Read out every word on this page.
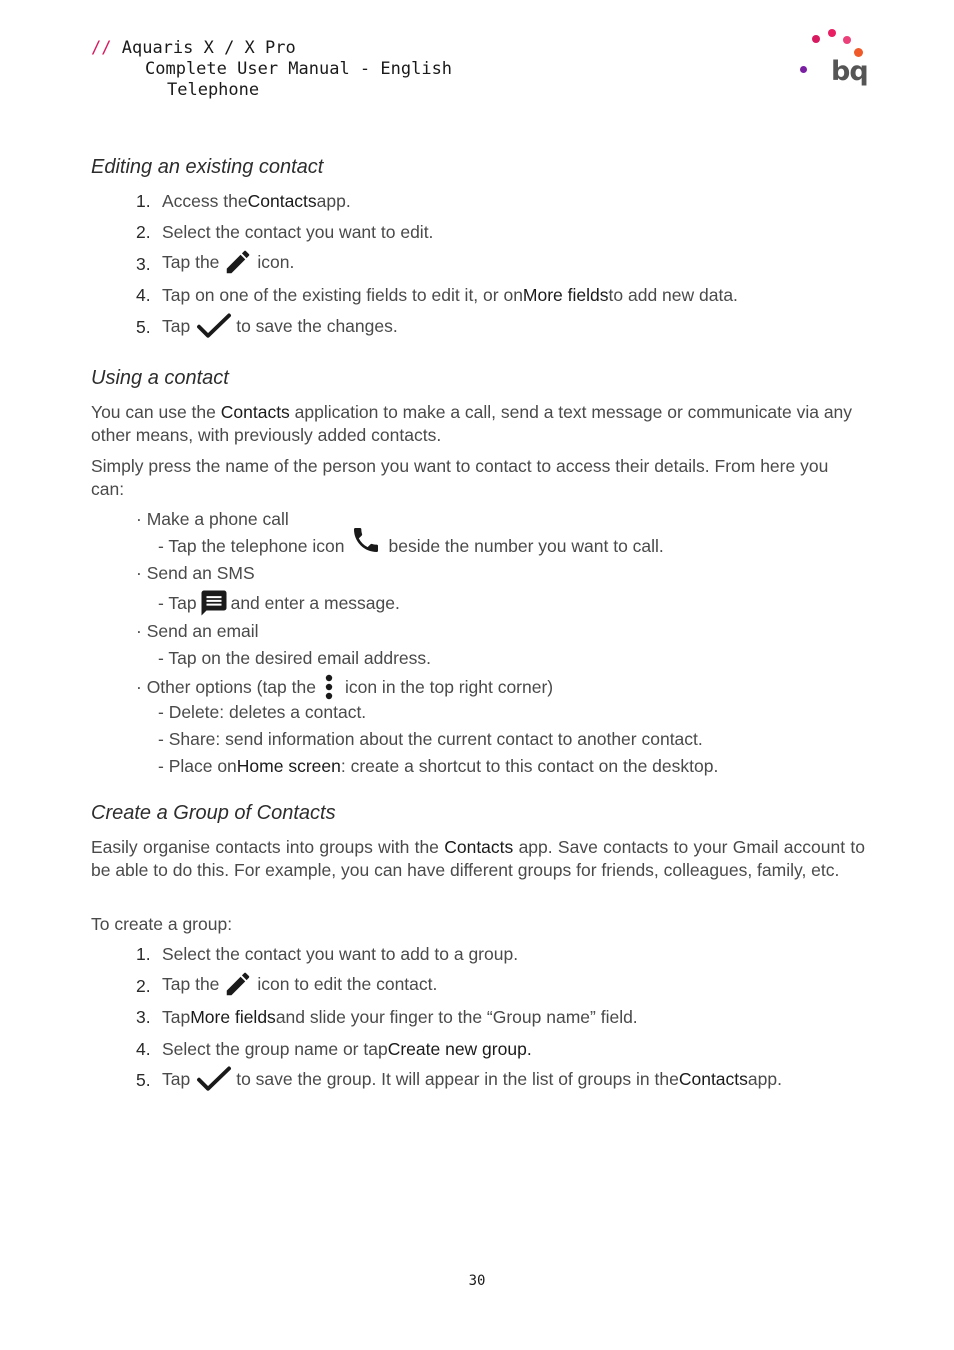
// Aquaris X / X Pro
Complete User Manual - English
Telephone
bq
Editing an existing contact
1. Access the Contacts app.
2. Select the contact you want to edit.
3. Tap the icon.
4. Tap on one of the existing fields to edit it, or on More fields to add new data.
5. Tap	to save the changes.
Using a contact
You can use the Contacts application to make a call, send a text message or communicate via any other means, with previously added contacts.
Simply press the name of the person you want to contact to access their details. From here you can:
· Make a phone call
- Tap the telephone icon	beside the number you want to call.
· Send an SMS
- Tap and enter a message.
· Send an email
- Tap on the desired email address.
· Other options (tap the icon in the top right corner)
- Delete: deletes a contact.
- Share: send information about the current contact to another contact.
- Place on Home screen : create a shortcut to this contact on the desktop.
Create a Group of Contacts
Easily organise contacts into groups with the Contacts app. Save contacts to your Gmail account to be able to do this. For example, you can have different groups for friends, colleagues, family, etc.
To create a group:
1. Select the contact you want to add to a group.
2. Tap the icon to edit the contact.
3. Tap More fields and slide your finger to the “Group name” field.
4. Select the group name or tap Create new group.
5. Tap	to save the group. It will appear in the list of groups in the Contacts app.
30
